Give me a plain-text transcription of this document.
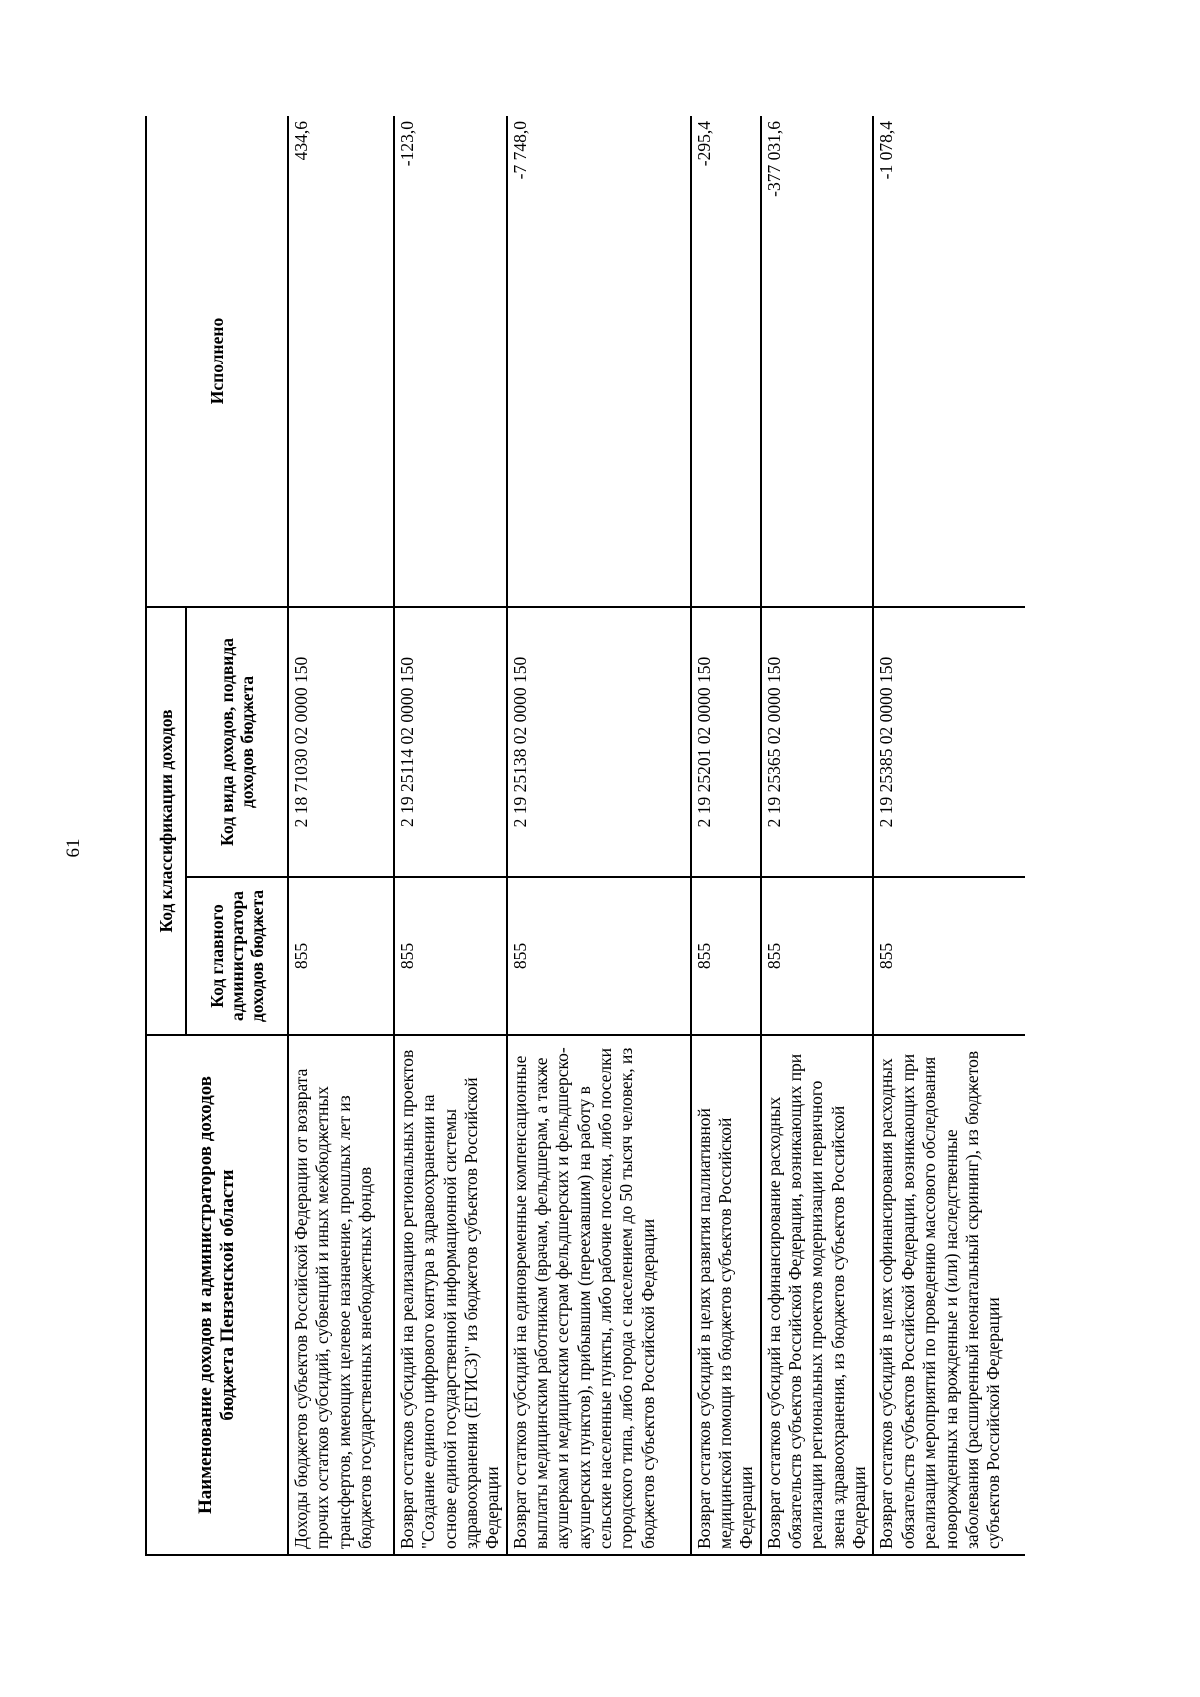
61
Наименование доходов и администраторов доходов бюджета Пензенской области	Код классификации доходов		Исполнено
	Код главного администратора доходов бюджета	Код вида доходов, подвида доходов бюджета	
Доходы бюджетов субъектов Российской Федерации от возврата прочих остатков субсидий, субвенций и иных межбюджетных трансфертов, имеющих целевое назначение, прошлых лет из бюджетов государственных внебюджетных фондов	855	2 18 71030 02 0000 150	434,6
Возврат остатков субсидий на реализацию региональных проектов "Создание единого цифрового контура в здравоохранении на основе единой государственной информационной системы здравоохранения (ЕГИСЗ)" из бюджетов субъектов Российской Федерации	855	2 19 25114 02 0000 150	-123,0
Возврат остатков субсидий на единовременные компенсационные выплаты медицинским работникам (врачам, фельдшерам, а также акушеркам и медицинским сестрам фельдшерских и фельдшерско-акушерских пунктов), прибывшим (переехавшим) на работу в сельские населенные пункты, либо рабочие поселки, либо поселки городского типа, либо города с населением до 50 тысяч человек, из бюджетов субъектов Российской Федерации	855	2 19 25138 02 0000 150	-7 748,0
Возврат остатков субсидий в целях развития паллиативной медицинской помощи из бюджетов субъектов Российской Федерации	855	2 19 25201 02 0000 150	-295,4
Возврат остатков субсидий на софинансирование расходных обязательств субъектов Российской Федерации, возникающих при реализации региональных проектов модернизации первичного звена здравоохранения, из бюджетов субъектов Российской Федерации	855	2 19 25365 02 0000 150	-377 031,6
Возврат остатков субсидий в целях софинансирования расходных обязательств субъектов Российской Федерации, возникающих при реализации мероприятий по проведению массового обследования новорожденных на врожденные и (или) наследственные заболевания (расширенный неонатальный скрининг), из бюджетов субъектов Российской Федерации	855	2 19 25385 02 0000 150	-1 078,4
